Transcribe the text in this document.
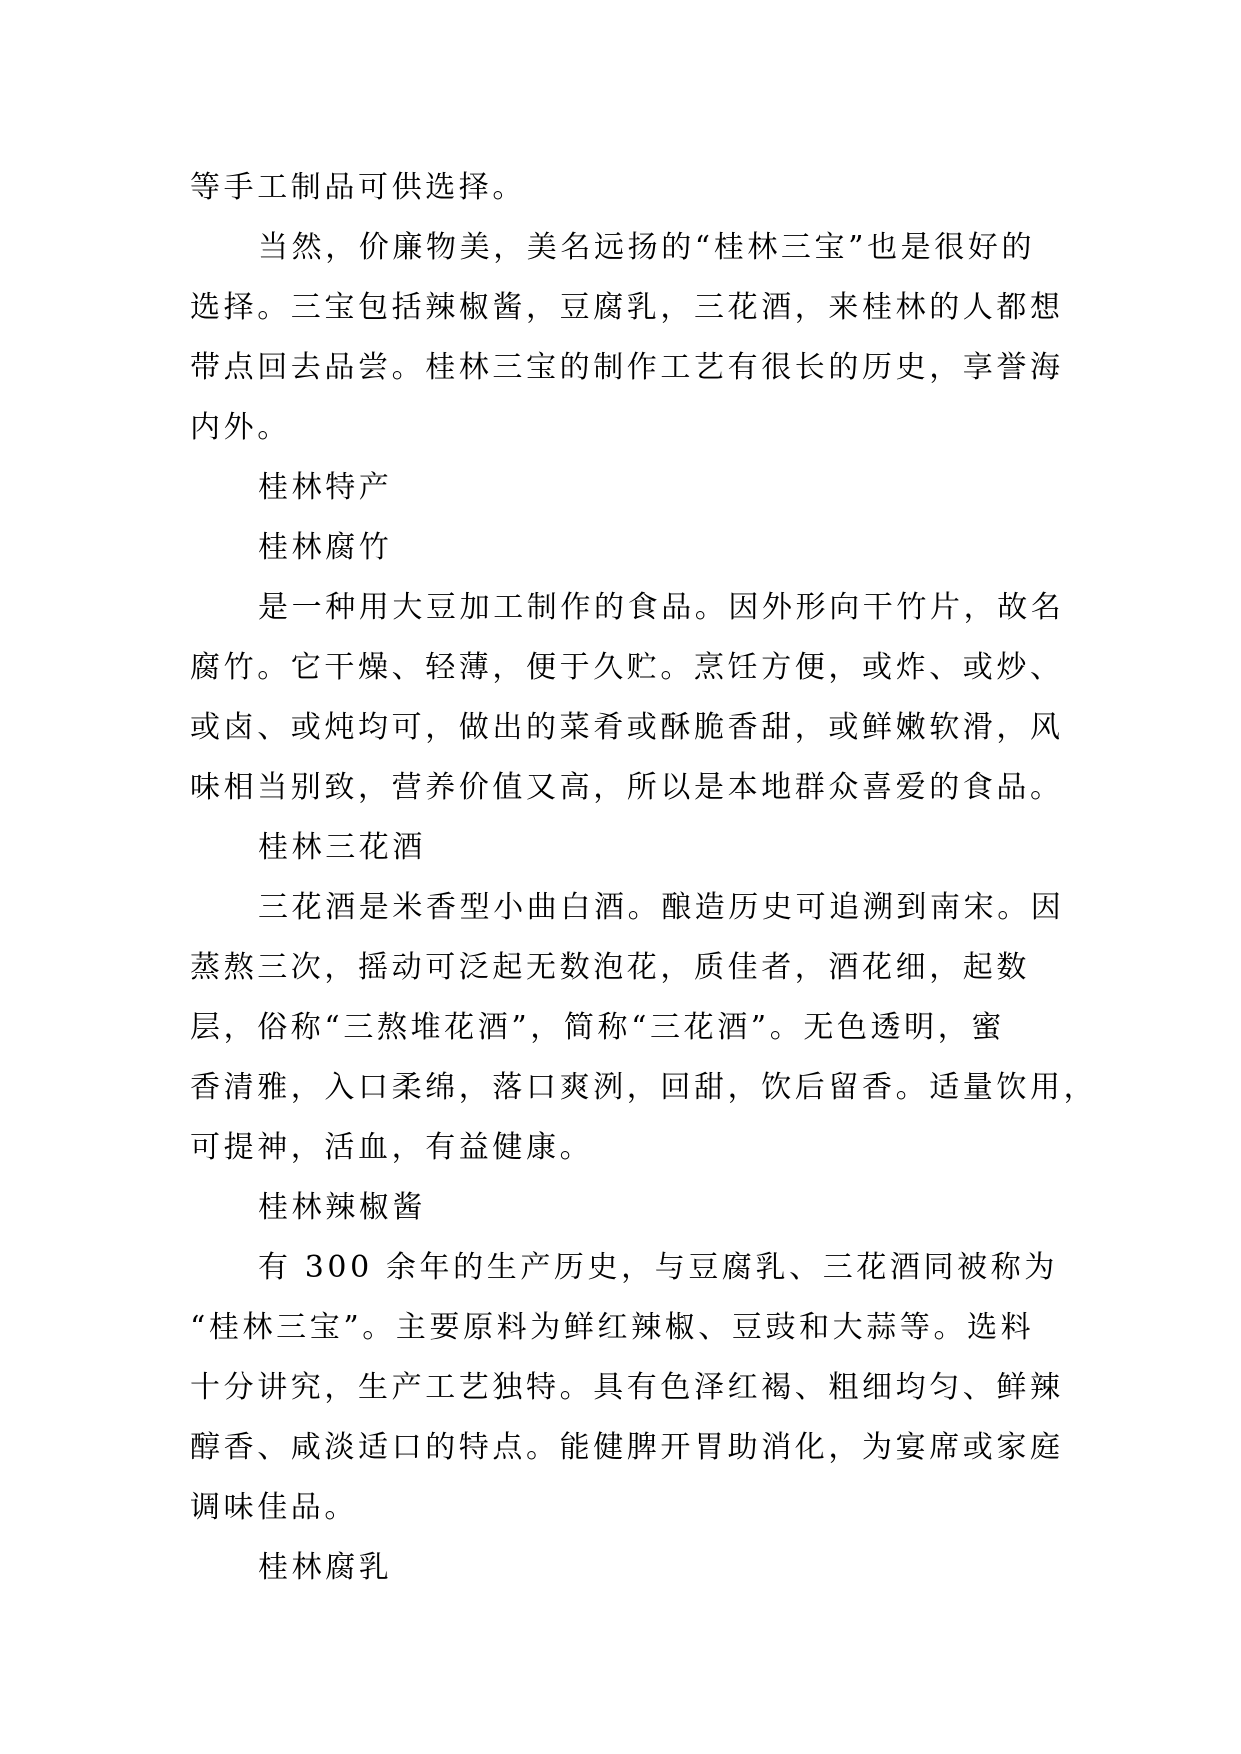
等手工制品可供选择。
当然，价廉物美，美名远扬的“桂林三宝”也是很好的
选择。三宝包括辣椒酱，豆腐乳，三花酒，来桂林的人都想
带点回去品尝。桂林三宝的制作工艺有很长的历史，享誉海
内外。
桂林特产
桂林腐竹
是一种用大豆加工制作的食品。因外形向干竹片，故名
腐竹。它干燥、轻薄，便于久贮。烹饪方便，或炸、或炒、
或卤、或炖均可，做出的菜肴或酥脆香甜，或鲜嫩软滑，风
味相当别致，营养价值又高，所以是本地群众喜爱的食品。
桂林三花酒
三花酒是米香型小曲白酒。酿造历史可追溯到南宋。因
蒸熬三次，摇动可泛起无数泡花，质佳者，酒花细，起数
层，俗称“三熬堆花酒”，简称“三花酒”。无色透明，蜜
香清雅，入口柔绵，落口爽洌，回甜，饮后留香。适量饮用，
可提神，活血，有益健康。
桂林辣椒酱
有 300 余年的生产历史，与豆腐乳、三花酒同被称为
“桂林三宝”。主要原料为鲜红辣椒、豆豉和大蒜等。选料
十分讲究，生产工艺独特。具有色泽红褐、粗细均匀、鲜辣
醇香、咸淡适口的特点。能健脾开胃助消化，为宴席或家庭
调味佳品。
桂林腐乳
